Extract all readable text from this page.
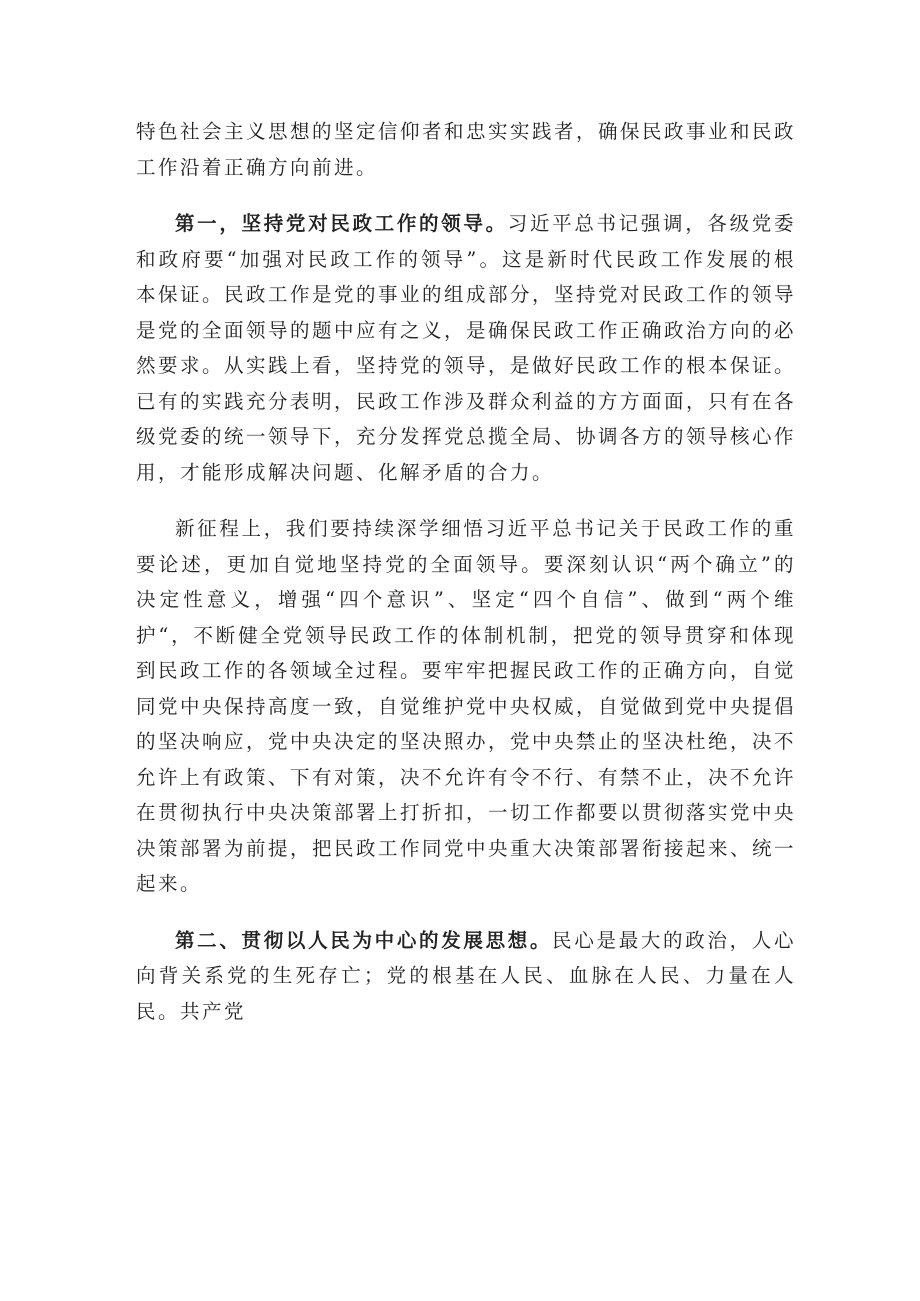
特色社会主义思想的坚定信仰者和忠实实践者，确保民政事业和民政工作沿着正确方向前进。

第一，坚持党对民政工作的领导。习近平总书记强调，各级党委和政府要“加强对民政工作的领导”。这是新时代民政工作发展的根本保证。民政工作是党的事业的组成部分，坚持党对民政工作的领导是党的全面领导的题中应有之义，是确保民政工作正确政治方向的必然要求。从实践上看，坚持党的领导，是做好民政工作的根本保证。已有的实践充分表明，民政工作涉及群众利益的方方面面，只有在各级党委的统一领导下，充分发挥党总揽全局、协调各方的领导核心作用，才能形成解决问题、化解矛盾的合力。

新征程上，我们要持续深学细悟习近平总书记关于民政工作的重要论述，更加自觉地坚持党的全面领导。要深刻认识“两个确立”的决定性意义，增强“四个意识”、坚定“四个自信”、做到“两个维护“，不断健全党领导民政工作的体制机制，把党的领导贯穿和体现到民政工作的各领域全过程。要牢牢把握民政工作的正确方向，自觉同党中央保持高度一致，自觉维护党中央权威，自觉做到党中央提倡的坚决响应，党中央决定的坚决照办，党中央禁止的坚决杜绝，决不允许上有政策、下有对策，决不允许有令不行、有禁不止，决不允许在贯彻执行中央决策部署上打折扣，一切工作都要以贯彻落实党中央决策部署为前提，把民政工作同党中央重大决策部署衔接起来、统一起来。

第二、贯彻以人民为中心的发展思想。民心是最大的政治，人心向背关系党的生死存亡；党的根基在人民、血脉在人民、力量在人民。共产党
